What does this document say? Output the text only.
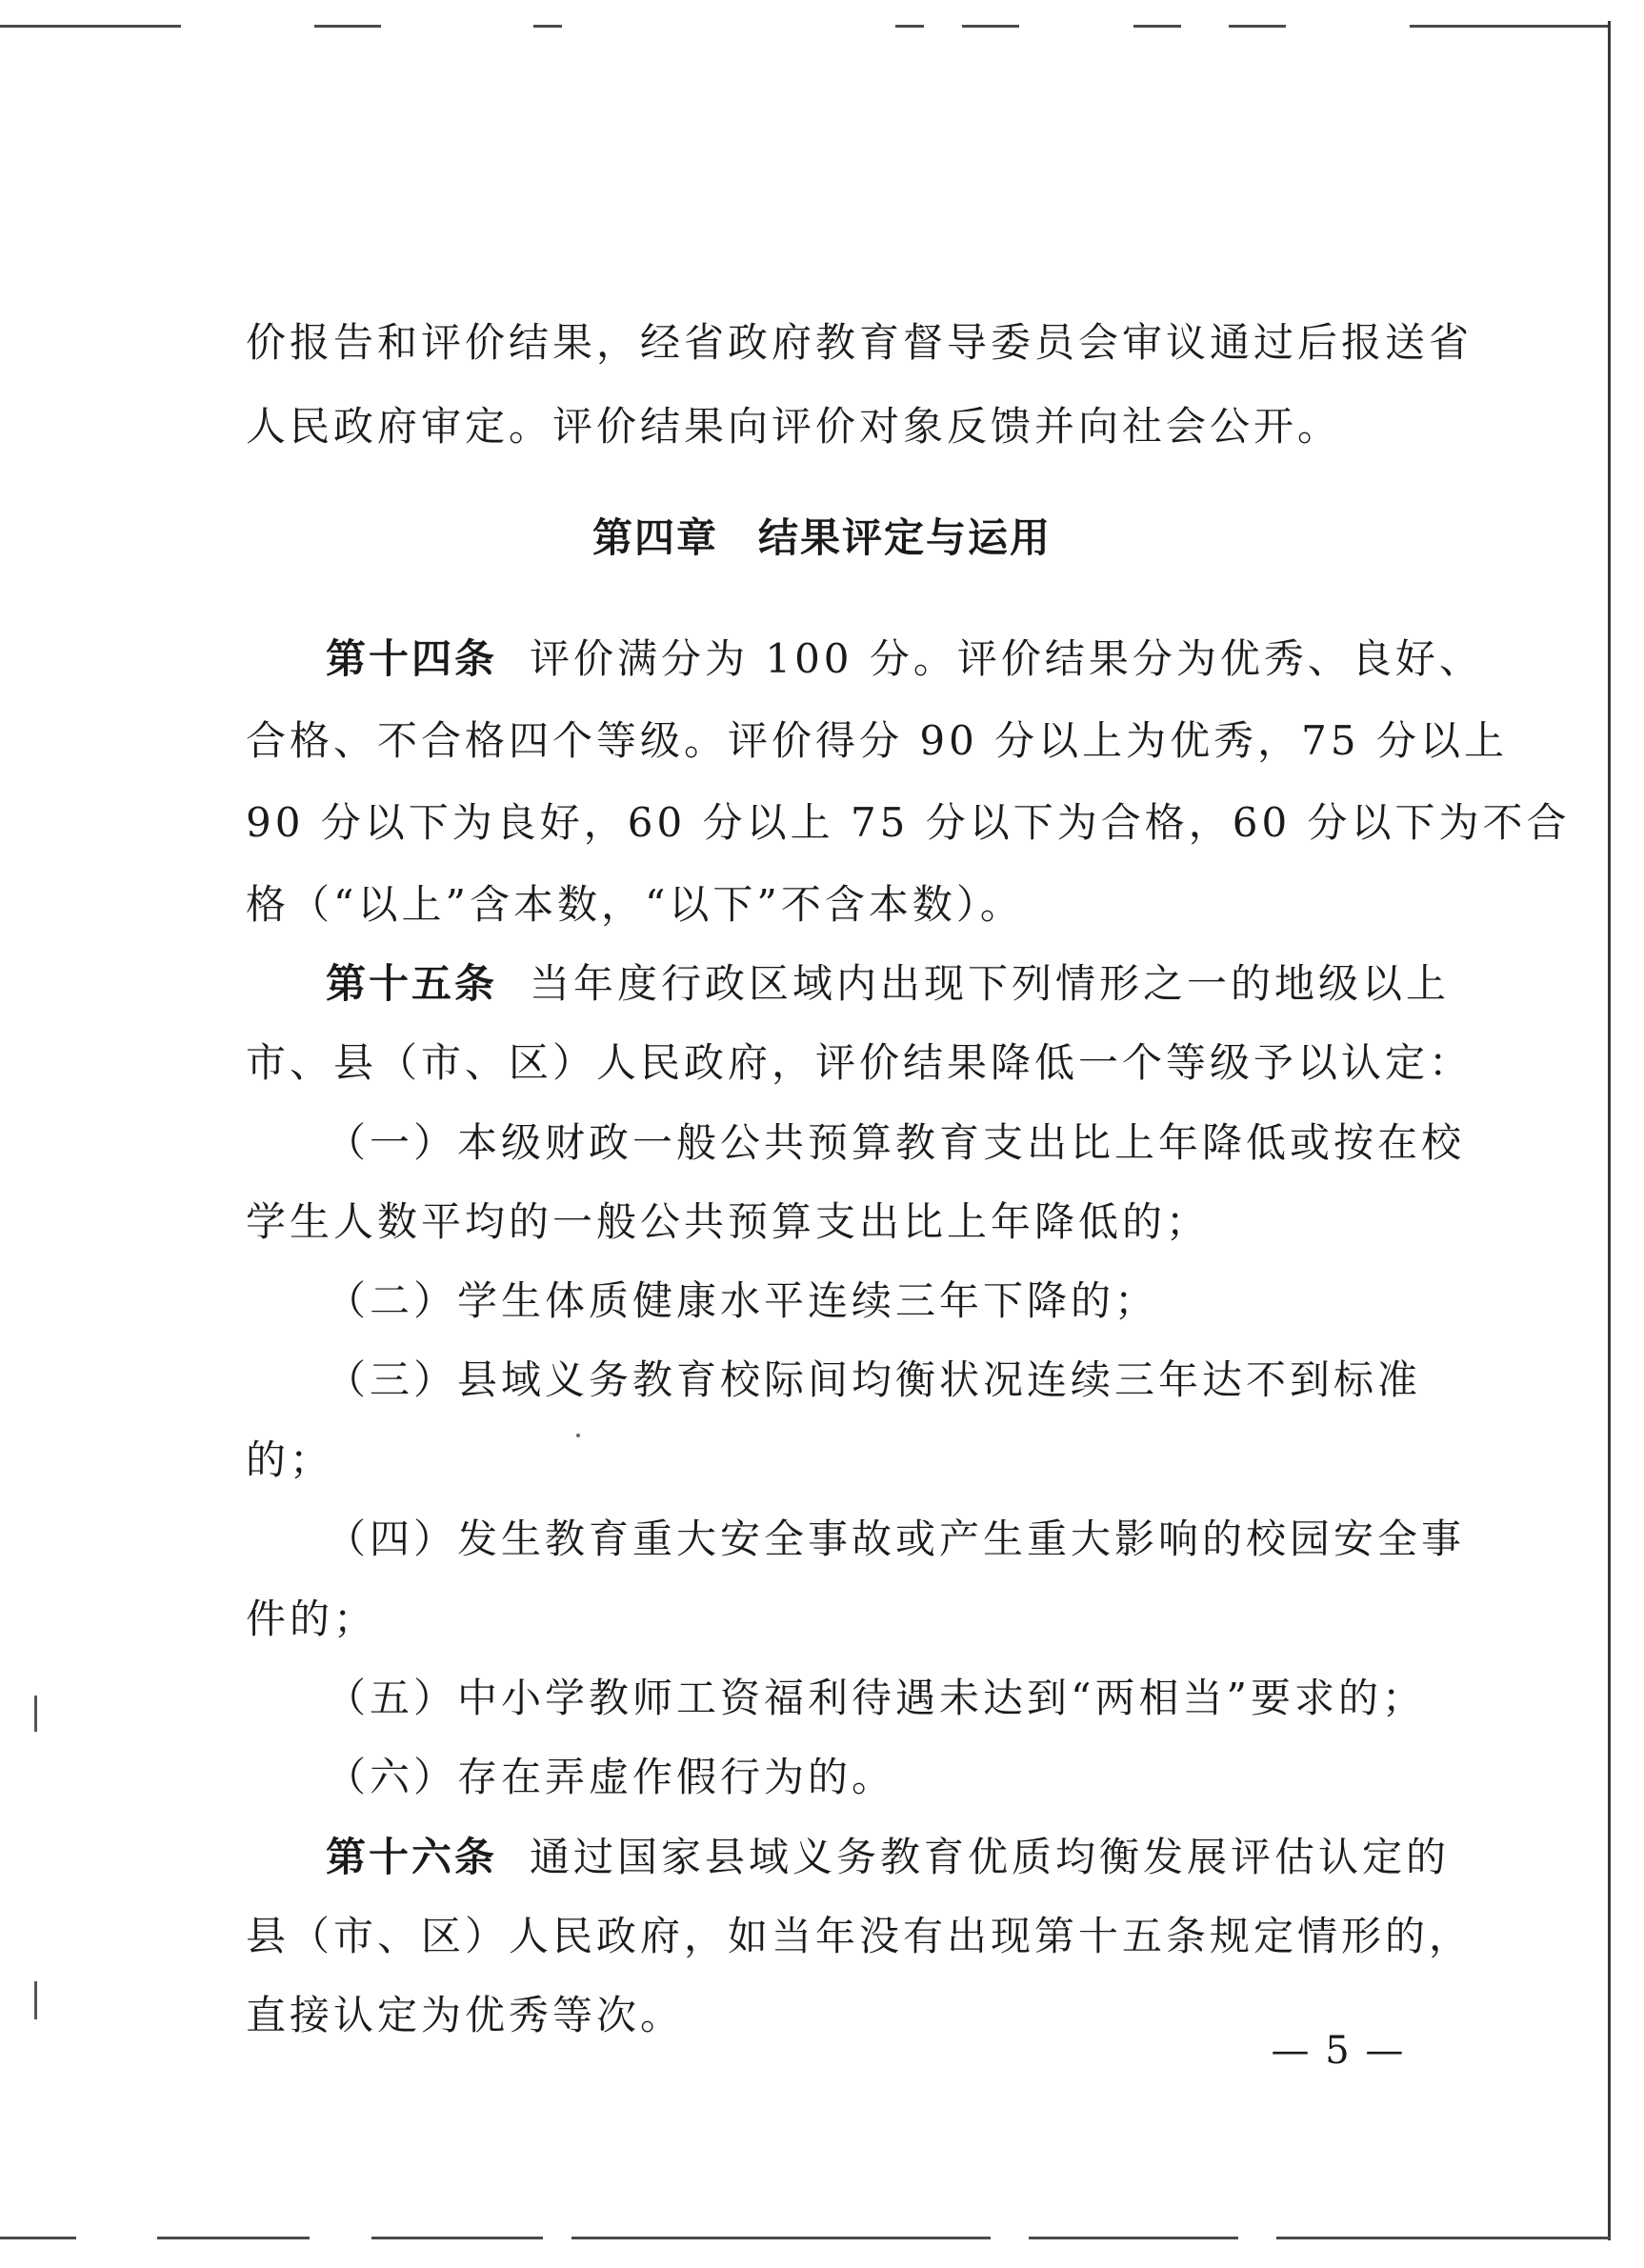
价报告和评价结果，经省政府教育督导委员会审议通过后报送省
人民政府审定。评价结果向评价对象反馈并向社会公开。
第四章 结果评定与运用
第十四条 评价满分为 100 分。评价结果分为优秀、良好、
合格、不合格四个等级。评价得分 90 分以上为优秀，75 分以上
90 分以下为良好，60 分以上 75 分以下为合格，60 分以下为不合
格（“以上”含本数，“以下”不含本数）。
第十五条 当年度行政区域内出现下列情形之一的地级以上
市、县（市、区）人民政府，评价结果降低一个等级予以认定：
（一）本级财政一般公共预算教育支出比上年降低或按在校
学生人数平均的一般公共预算支出比上年降低的；
（二）学生体质健康水平连续三年下降的；
（三）县域义务教育校际间均衡状况连续三年达不到标准
的；
（四）发生教育重大安全事故或产生重大影响的校园安全事
件的；
（五）中小学教师工资福利待遇未达到“两相当”要求的；
（六）存在弄虚作假行为的。
第十六条 通过国家县域义务教育优质均衡发展评估认定的
县（市、区）人民政府，如当年没有出现第十五条规定情形的，
直接认定为优秀等次。
— 5 —
